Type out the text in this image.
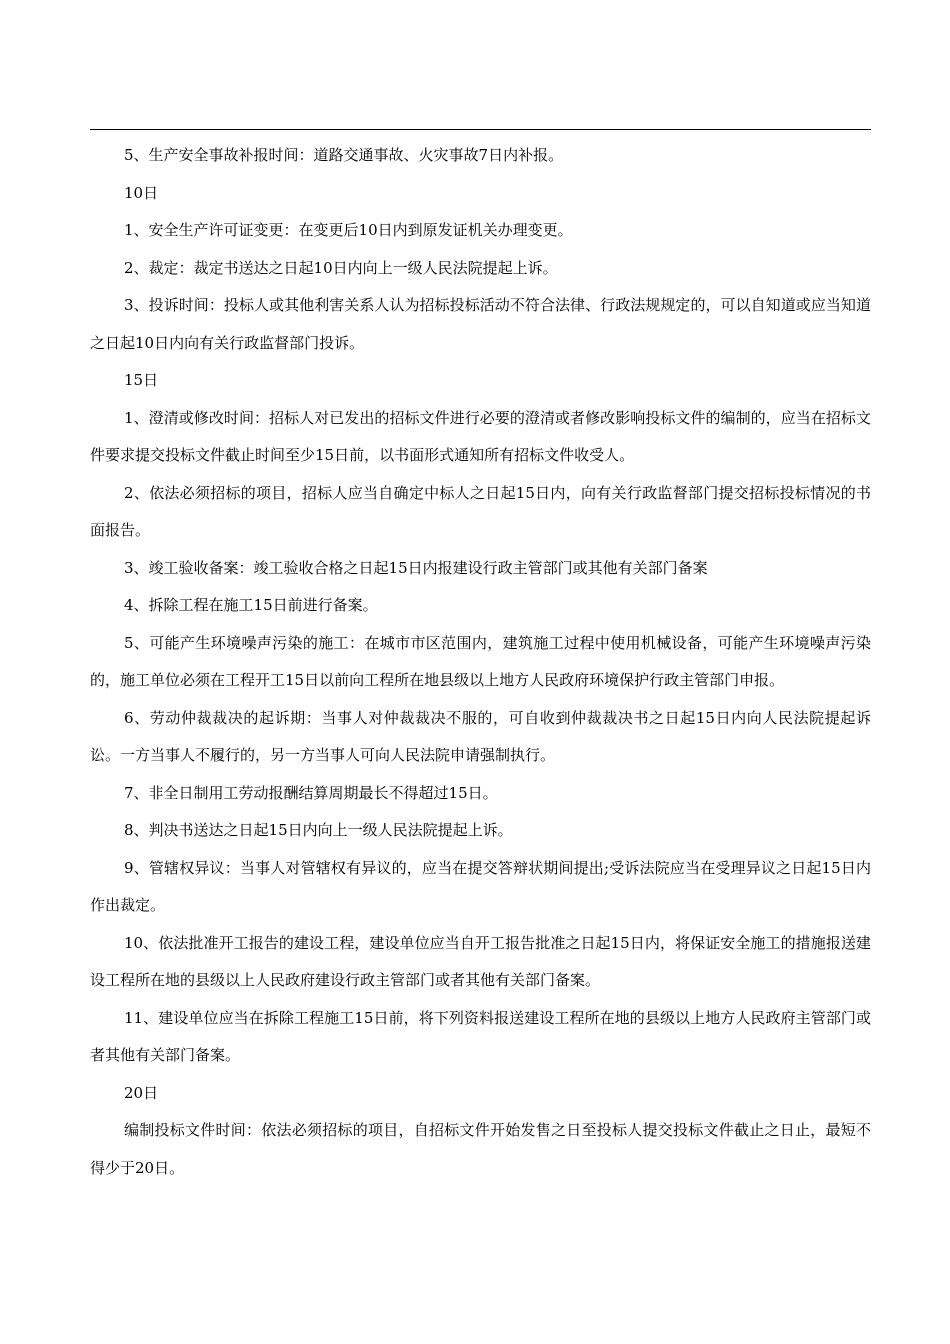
5、生产安全事故补报时间：道路交通事故、火灾事故7日内补报。

10日

1、安全生产许可证变更：在变更后10日内到原发证机关办理变更。

2、裁定：裁定书送达之日起10日内向上一级人民法院提起上诉。

3、投诉时间：投标人或其他利害关系人认为招标投标活动不符合法律、行政法规规定的，可以自知道或应当知道之日起10日内向有关行政监督部门投诉。

15日

1、澄清或修改时间：招标人对已发出的招标文件进行必要的澄清或者修改影响投标文件的编制的，应当在招标文件要求提交投标文件截止时间至少15日前，以书面形式通知所有招标文件收受人。

2、依法必须招标的项目，招标人应当自确定中标人之日起15日内，向有关行政监督部门提交招标投标情况的书面报告。

3、竣工验收备案：竣工验收合格之日起15日内报建设行政主管部门或其他有关部门备案

4、拆除工程在施工15日前进行备案。

5、可能产生环境噪声污染的施工：在城市市区范围内，建筑施工过程中使用机械设备，可能产生环境噪声污染的，施工单位必须在工程开工15日以前向工程所在地县级以上地方人民政府环境保护行政主管部门申报。

6、劳动仲裁裁决的起诉期：当事人对仲裁裁决不服的，可自收到仲裁裁决书之日起15日内向人民法院提起诉讼。一方当事人不履行的，另一方当事人可向人民法院申请强制执行。

7、非全日制用工劳动报酬结算周期最长不得超过15日。

8、判决书送达之日起15日内向上一级人民法院提起上诉。

9、管辖权异议：当事人对管辖权有异议的，应当在提交答辩状期间提出;受诉法院应当在受理异议之日起15日内作出裁定。

10、依法批准开工报告的建设工程，建设单位应当自开工报告批准之日起15日内，将保证安全施工的措施报送建设工程所在地的县级以上人民政府建设行政主管部门或者其他有关部门备案。

11、建设单位应当在拆除工程施工15日前，将下列资料报送建设工程所在地的县级以上地方人民政府主管部门或者其他有关部门备案。

20日

编制投标文件时间：依法必须招标的项目，自招标文件开始发售之日至投标人提交投标文件截止之日止，最短不得少于20日。
